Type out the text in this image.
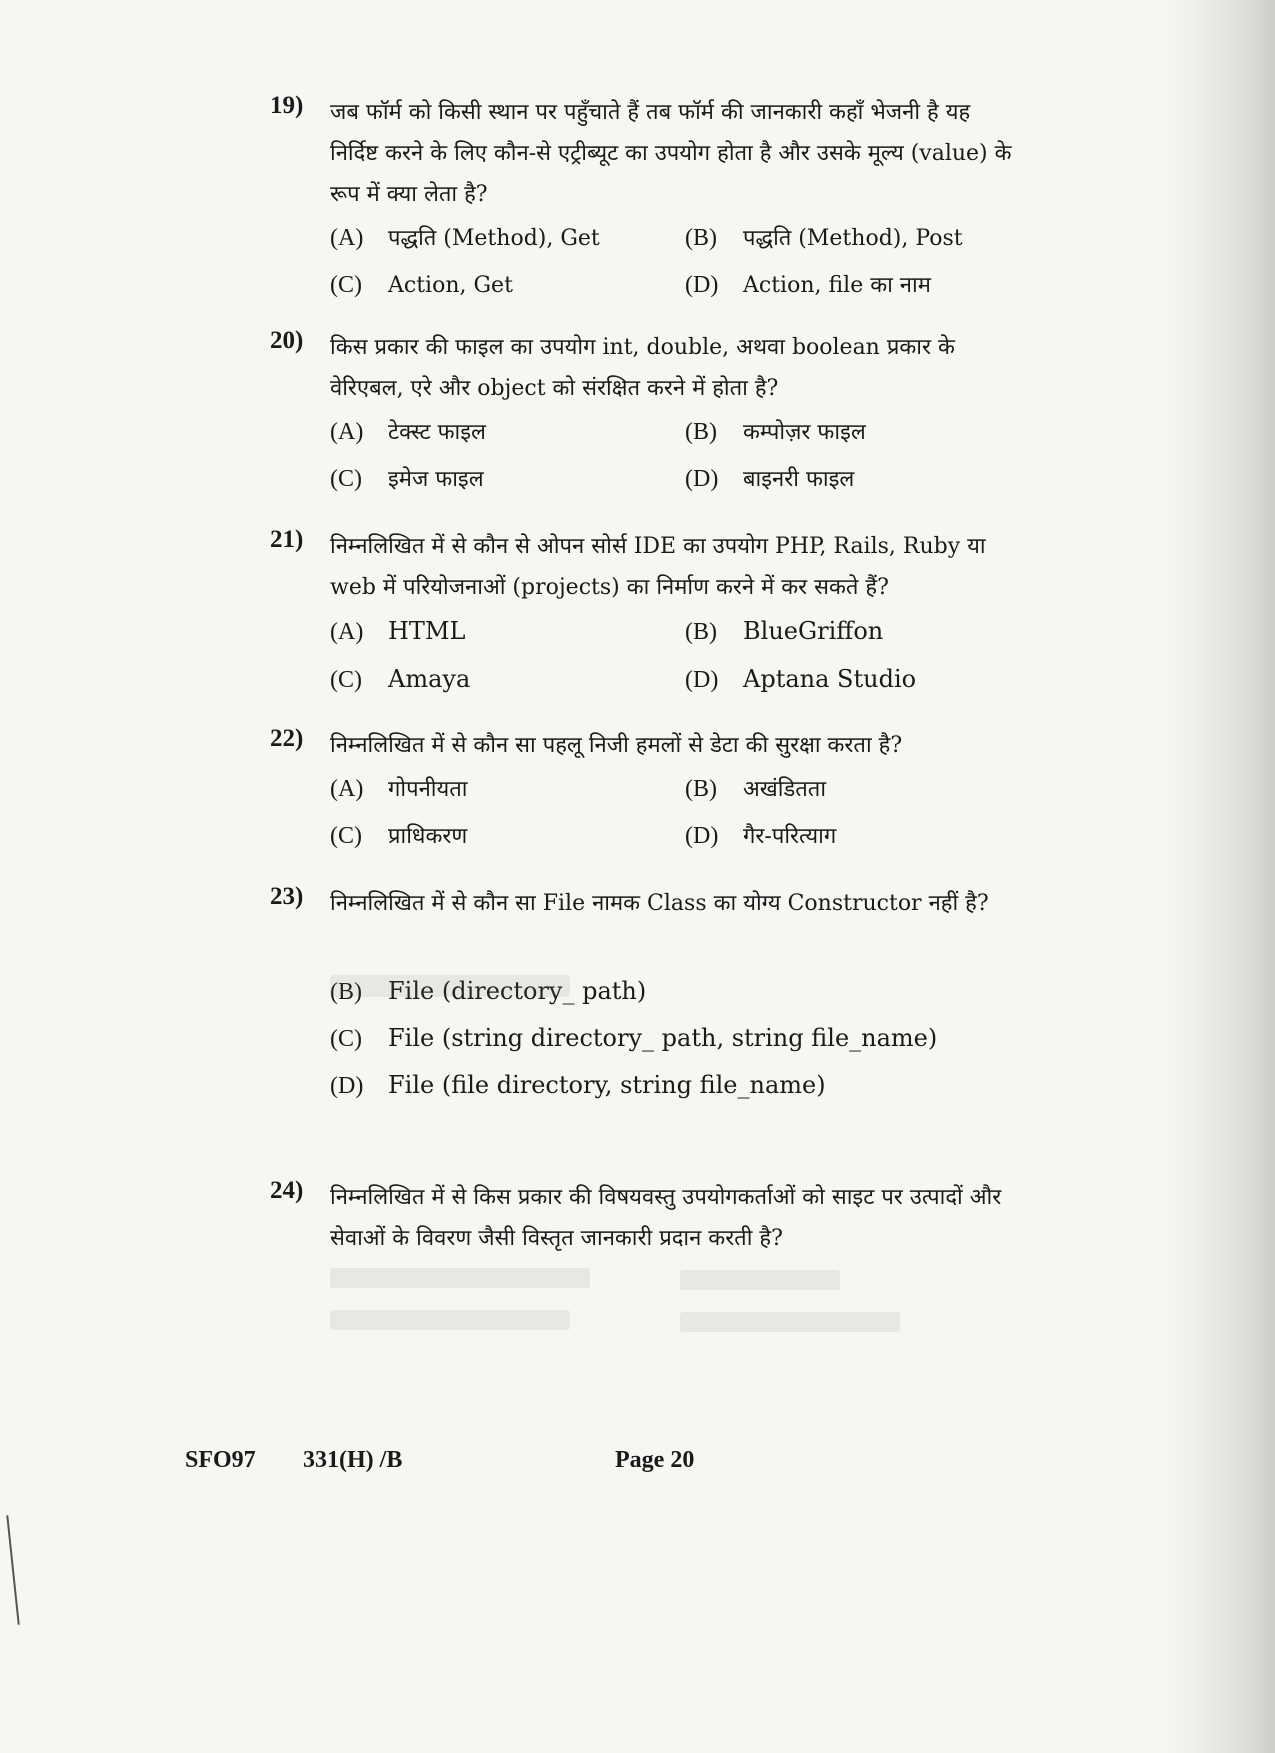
19) जब फॉर्म को किसी स्थान पर पहुँचाते हैं तब फॉर्म की जानकारी कहाँ भेजनी है यह निर्दिष्ट करने के लिए कौन-से एट्रीब्यूट का उपयोग होता है और उसके मूल्य (value) के रूप में क्या लेता है?
(A) पद्धति (Method), Get	(B) पद्धति (Method), Post
(C) Action, Get	(D) Action, file का नाम
20) किस प्रकार की फाइल का उपयोग int, double, अथवा boolean प्रकार के वेरिएबल, एरे और object को संरक्षित करने में होता है?
(A) टेक्स्ट फाइल	(B) कम्पोज़र फाइल
(C) इमेज फाइल	(D) बाइनरी फाइल
21) निम्नलिखित में से कौन से ओपन सोर्स IDE का उपयोग PHP, Rails, Ruby या web में परियोजनाओं (projects) का निर्माण करने में कर सकते हैं?
(A) HTML	(B) BlueGriffon
(C) Amaya	(D) Aptana Studio
22) निम्नलिखित में से कौन सा पहलू निजी हमलों से डेटा की सुरक्षा करता है?
(A) गोपनीयता	(B) अखंडितता
(C) प्राधिकरण	(D) गैर-परित्याग
23) निम्नलिखित में से कौन सा File नामक Class का योग्य Constructor नहीं है?
(B) File (directory_ path)
(C) File (string directory_ path, string file_name)
(D) File (file directory, string file_name)
24) निम्नलिखित में से किस प्रकार की विषयवस्तु उपयोगकर्ताओं को साइट पर उत्पादों और सेवाओं के विवरण जैसी विस्तृत जानकारी प्रदान करती है?
SFO97 331(H) /B	Page 20
